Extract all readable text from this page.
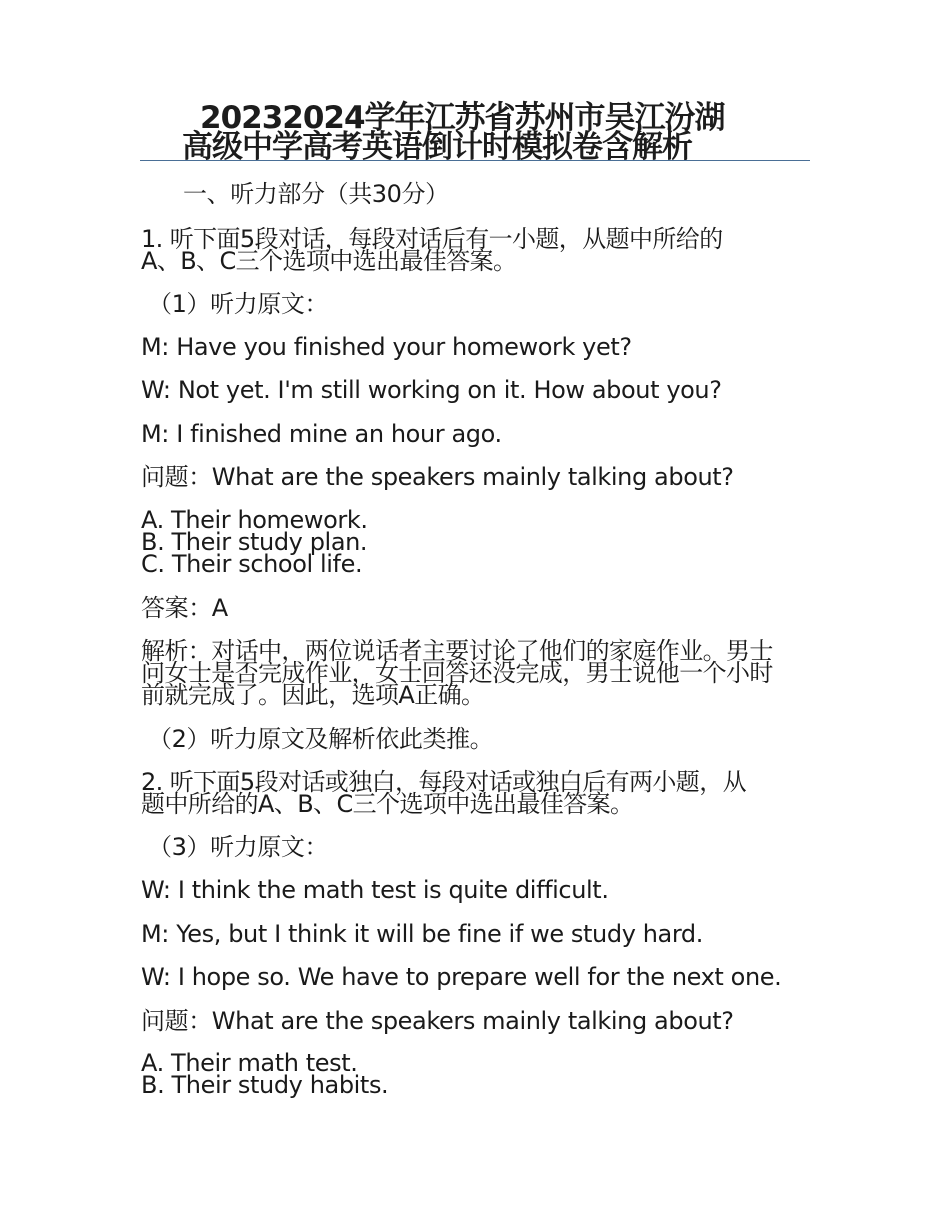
20232024学年江苏省苏州市吴江汾湖
高级中学高考英语倒计时模拟卷含解析
一、听力部分（共30分）
1. 听下面5段对话，每段对话后有一小题，从题中所给的
A、B、C三个选项中选出最佳答案。
（1）听力原文：
M: Have you finished your homework yet?
W: Not yet. I'm still working on it. How about you?
M: I finished mine an hour ago.
问题：What are the speakers mainly talking about?
A. Their homework.
B. Their study plan.
C. Their school life.
答案：A
解析：对话中，两位说话者主要讨论了他们的家庭作业。男士
问女士是否完成作业，女士回答还没完成，男士说他一个小时
前就完成了。因此，选项A正确。
（2）听力原文及解析依此类推。
2. 听下面5段对话或独白，每段对话或独白后有两小题，从
题中所给的A、B、C三个选项中选出最佳答案。
（3）听力原文：
W: I think the math test is quite difficult.
M: Yes, but I think it will be fine if we study hard.
W: I hope so. We have to prepare well for the next one.
问题：What are the speakers mainly talking about?
A. Their math test.
B. Their study habits.
